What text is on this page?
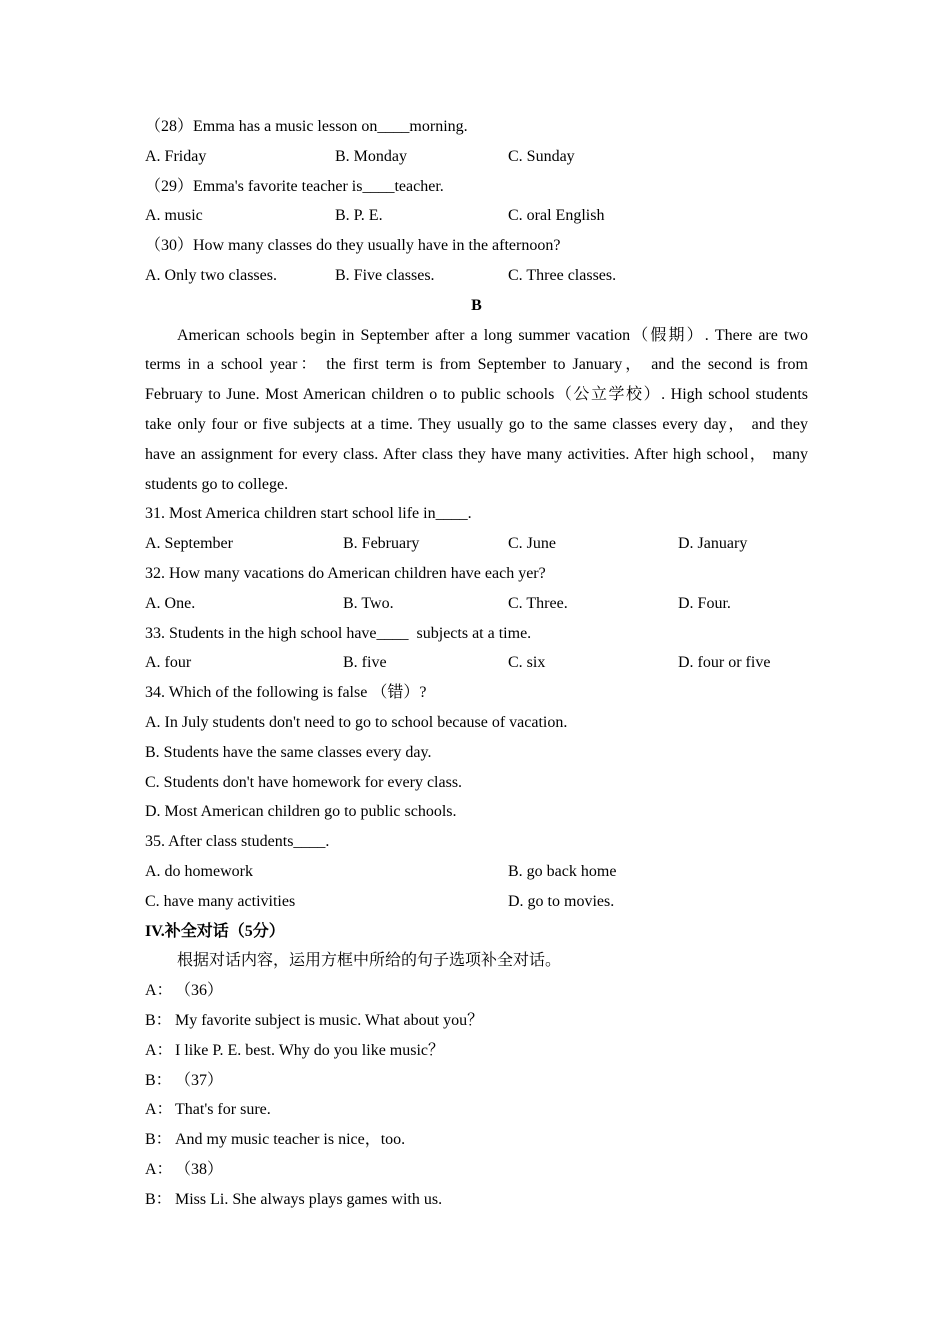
（28）Emma has a music lesson on____morning.
A. Friday	B. Monday	C. Sunday
（29）Emma's favorite teacher is____teacher.
A. music	B. P. E.	C. oral English
（30）How many classes do they usually have in the afternoon?
A. Only two classes.	B. Five classes.	C. Three classes.
B
American schools begin in September after a long summer vacation（假期）. There are two
terms in a school year： the first term is from September to January， and the second is from
February to June. Most American children o to public schools（公立学校）. High school students
take only four or five subjects at a time. They usually go to the same classes every day， and they
have an assignment for every class. After class they have many activities. After high school， many
students go to college.
31. Most America children start school life in____.
A. September	B. February	C. June	D. January
32. How many vacations do American children have each yer?
A. One.	B. Two.	C. Three.	D. Four.
33. Students in the high school have____  subjects at a time.
A. four	B. five	C. six	D. four or five
34. Which of the following is false （错）?
A. In July students don't need to go to school because of vacation.
B. Students have the same classes every day.
C. Students don't have homework for every class.
D. Most American children go to public schools.
35. After class students____.
A. do homework	B. go back home
C. have many activities	D. go to movies.
IV.补全对话（5分）
根据对话内容，运用方框中所给的句子选项补全对话。
A： （36）
B： My favorite subject is music. What about you？
A： I like P. E. best. Why do you like music？
B： （37）
A： That's for sure.
B： And my music teacher is nice，too.
A： （38）
B： Miss Li. She always plays games with us.
